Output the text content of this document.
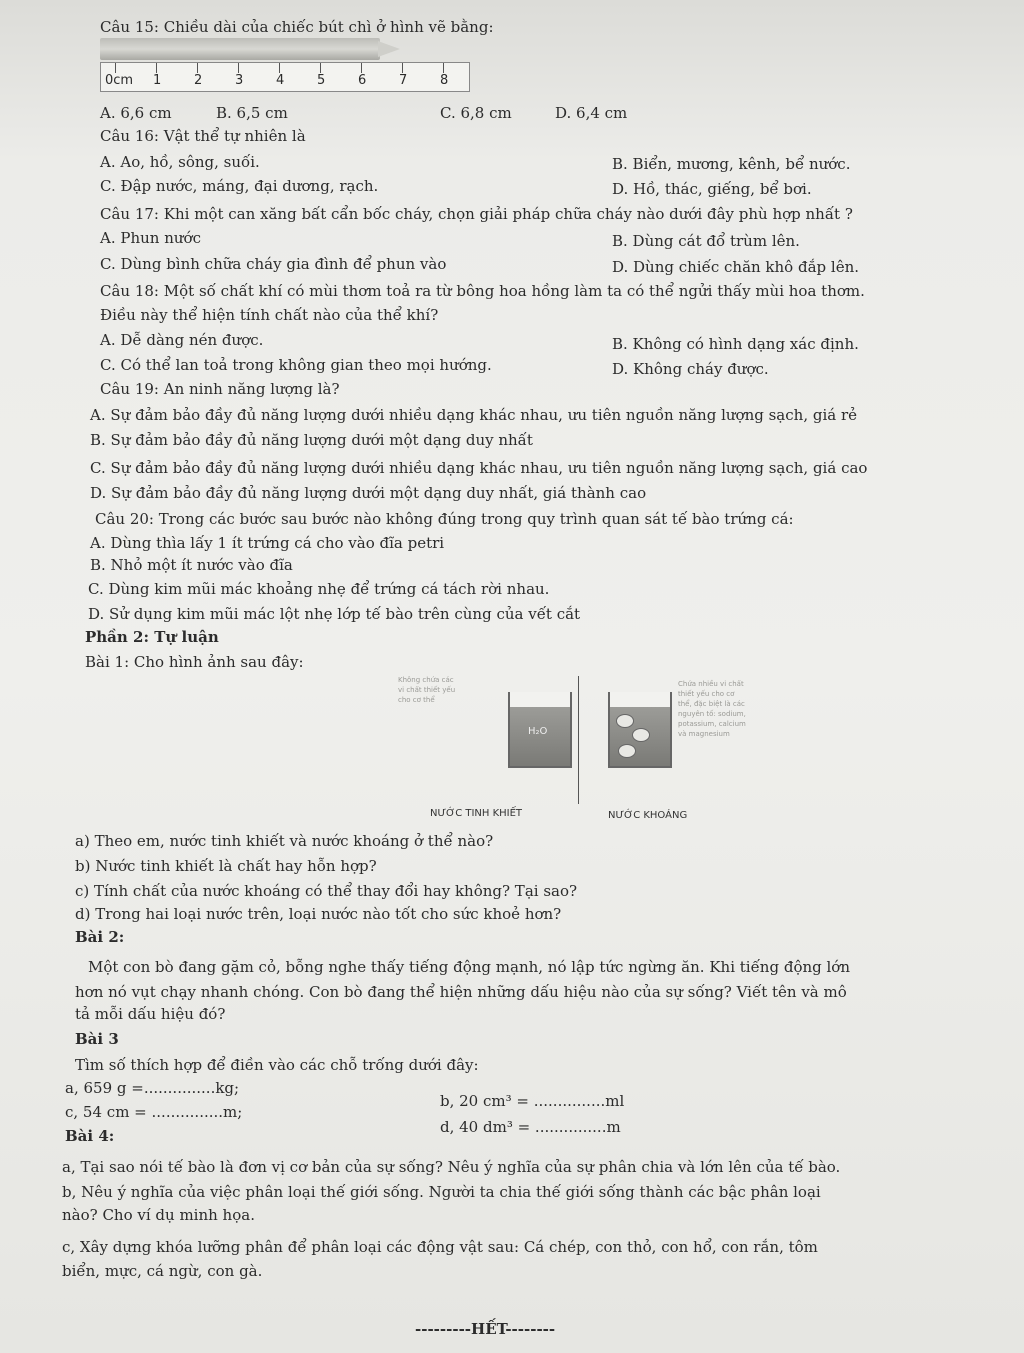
Câu 15: Chiều dài của chiếc bút chì ở hình vẽ bằng:
0cm 1	2	3	4	5	6	7	8
A. 6,6 cm	B. 6,5 cm	C. 6,8 cm	D. 6,4 cm
Câu 16: Vật thể tự nhiên là
A. Ao, hồ, sông, suối.	B. Biển, mương, kênh, bể nước.
C. Đập nước, máng, đại dương, rạch.	D. Hồ, thác, giếng, bể bơi.
Câu 17: Khi một can xăng bất cẩn bốc cháy, chọn giải pháp chữa cháy nào dưới đây phù hợp nhất ?
A. Phun nước	B. Dùng cát đổ trùm lên.
C. Dùng bình chữa cháy gia đình để phun vào	D. Dùng chiếc chăn khô đắp lên.
Câu 18: Một số chất khí có mùi thơm toả ra từ bông hoa hồng làm ta có thể ngửi thấy mùi hoa thơm.
Điều này thể hiện tính chất nào của thể khí?
A. Dễ dàng nén được.	B. Không có hình dạng xác định.
C. Có thể lan toả trong không gian theo mọi hướng.	D. Không cháy được.
Câu 19: An ninh năng lượng là?
A. Sự đảm bảo đầy đủ năng lượng dưới nhiều dạng khác nhau, ưu tiên nguồn năng lượng sạch, giá rẻ
B. Sự đảm bảo đầy đủ năng lượng dưới một dạng duy nhất
C. Sự đảm bảo đầy đủ năng lượng dưới nhiều dạng khác nhau, ưu tiên nguồn năng lượng sạch, giá cao
D. Sự đảm bảo đầy đủ năng lượng dưới một dạng duy nhất, giá thành cao
Câu 20: Trong các bước sau bước nào không đúng trong quy trình quan sát tế bào trứng cá:
A. Dùng thìa lấy 1 ít trứng cá cho vào đĩa petri
B. Nhỏ một ít nước vào đĩa
C. Dùng kim mũi mác khoảng nhẹ để trứng cá tách rời nhau.
D. Sử dụng kim mũi mác lột nhẹ lớp tế bào trên cùng của vết cắt
Phần 2: Tự luận
Bài 1: Cho hình ảnh sau đây:
Không chứa các
vi chất thiết yếu
cho cơ thể
H₂O
Chứa nhiều vi chất
thiết yếu cho cơ
thể, đặc biệt là các
nguyên tố: sodium,
potassium, calcium
và magnesium
NƯỚC TINH KHIẾT	NƯỚC KHOÁNG
a) Theo em, nước tinh khiết và nước khoáng ở thể nào?
b) Nước tinh khiết là chất hay hỗn hợp?
c) Tính chất của nước khoáng có thể thay đổi hay không? Tại sao?
d) Trong hai loại nước trên, loại nước nào tốt cho sức khoẻ hơn?
Bài 2:
Một con bò đang gặm cỏ, bỗng nghe thấy tiếng động mạnh, nó lập tức ngừng ăn. Khi tiếng động lớn
hơn nó vụt chạy nhanh chóng. Con bò đang thể hiện những dấu hiệu nào của sự sống? Viết tên và mô
tả mỗi dấu hiệu đó?
Bài 3
Tìm số thích hợp để điền vào các chỗ trống dưới đây:
a, 659 g =...............kg;
b, 20 cm³ = ...............ml
c, 54 cm = ...............m;
d, 40 dm³ = ...............m
Bài 4:
a, Tại sao nói tế bào là đơn vị cơ bản của sự sống? Nêu ý nghĩa của sự phân chia và lớn lên của tế bào.
b, Nêu ý nghĩa của việc phân loại thế giới sống. Người ta chia thế giới sống thành các bậc phân loại
nào? Cho ví dụ minh họa.
c, Xây dựng khóa lưỡng phân để phân loại các động vật sau: Cá chép, con thỏ, con hổ, con rắn, tôm
biển, mực, cá ngừ, con gà.
---------HẾT--------
